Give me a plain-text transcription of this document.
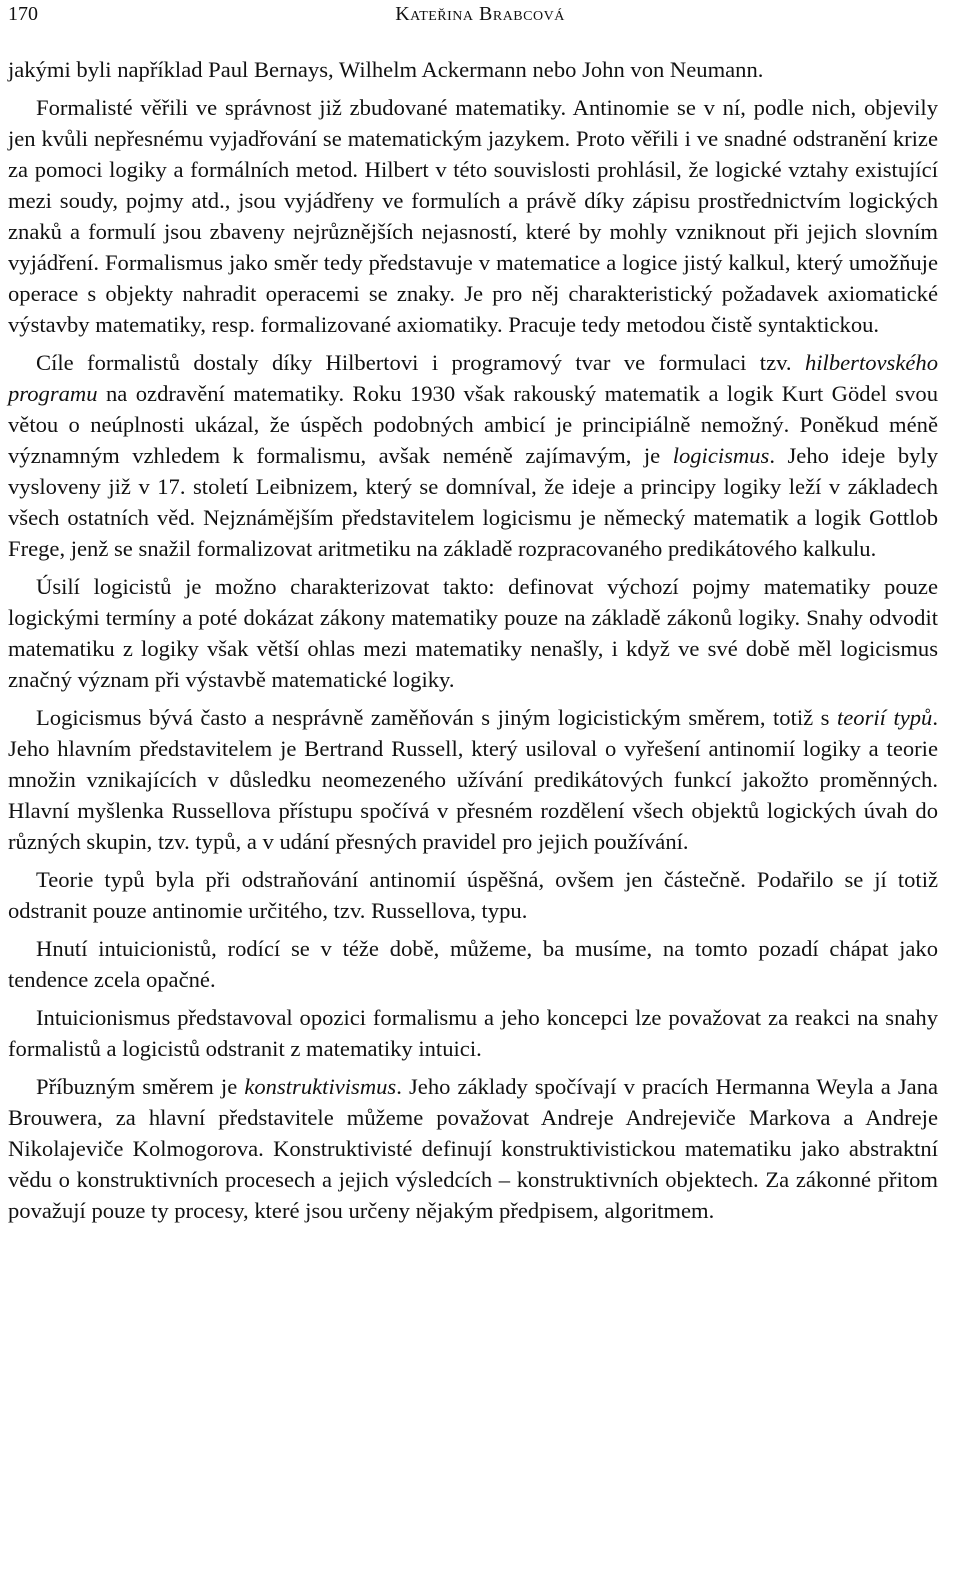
170	Kateřina Brabcová

jakými byli například Paul Bernays, Wilhelm Ackermann nebo John von Neumann.

Formalisté věřili ve správnost již zbudované matematiky. Antinomie se v ní, podle nich, objevily jen kvůli nepřesnému vyjadřování se matematickým jazykem. Proto věřili i ve snadné odstranění krize za pomoci logiky a formálních metod. Hilbert v této souvislosti prohlásil, že logické vztahy existující mezi soudy, pojmy atd., jsou vyjádřeny ve formulích a právě díky zápisu prostřednictvím logických znaků a formulí jsou zbaveny nejrůznějších nejasností, které by mohly vzniknout při jejich slovním vyjádření. Formalismus jako směr tedy představuje v matematice a logice jistý kalkul, který umožňuje operace s objekty nahradit operacemi se znaky. Je pro něj charakteristický požadavek axiomatické výstavby matematiky, resp. formalizované axiomatiky. Pracuje tedy metodou čistě syntaktickou.

Cíle formalistů dostaly díky Hilbertovi i programový tvar ve formulaci tzv. hilbertovského programu na ozdravění matematiky. Roku 1930 však rakouský matematik a logik Kurt Gödel svou větou o neúplnosti ukázal, že úspěch podobných ambicí je principiálně nemožný. Poněkud méně významným vzhledem k formalismu, avšak neméně zajímavým, je logicismus. Jeho ideje byly vysloveny již v 17. století Leibnizem, který se domníval, že ideje a principy logiky leží v základech všech ostatních věd. Nejznámějším představitelem logicismu je německý matematik a logik Gottlob Frege, jenž se snažil formalizovat aritmetiku na základě rozpracovaného predikátového kalkulu.

Úsilí logicistů je možno charakterizovat takto: definovat výchozí pojmy matematiky pouze logickými termíny a poté dokázat zákony matematiky pouze na základě zákonů logiky. Snahy odvodit matematiku z logiky však větší ohlas mezi matematiky nenašly, i když ve své době měl logicismus značný význam při výstavbě matematické logiky.

Logicismus bývá často a nesprávně zaměňován s jiným logicistickým směrem, totiž s teorií typů. Jeho hlavním představitelem je Bertrand Russell, který usiloval o vyřešení antinomií logiky a teorie množin vznikajících v důsledku neomezeného užívání predikátových funkcí jakožto proměnných. Hlavní myšlenka Russellova přístupu spočívá v přesném rozdělení všech objektů logických úvah do různých skupin, tzv. typů, a v udání přesných pravidel pro jejich používání.

Teorie typů byla při odstraňování antinomií úspěšná, ovšem jen částečně. Podařilo se jí totiž odstranit pouze antinomie určitého, tzv. Russellova, typu.

Hnutí intuicionistů, rodící se v téže době, můžeme, ba musíme, na tomto pozadí chápat jako tendence zcela opačné.

Intuicionismus představoval opozici formalismu a jeho koncepci lze považovat za reakci na snahy formalistů a logicistů odstranit z matematiky intuici.

Příbuzným směrem je konstruktivismus. Jeho základy spočívají v pracích Hermanna Weyla a Jana Brouwera, za hlavní představitele můžeme považovat Andreje Andrejeviče Markova a Andreje Nikolajeviče Kolmogorova. Konstruktivisté definují konstruktivistickou matematiku jako abstraktní vědu o konstruktivních procesech a jejich výsledcích – konstruktivních objektech. Za zákonné přitom považují pouze ty procesy, které jsou určeny nějakým předpisem, algoritmem.
